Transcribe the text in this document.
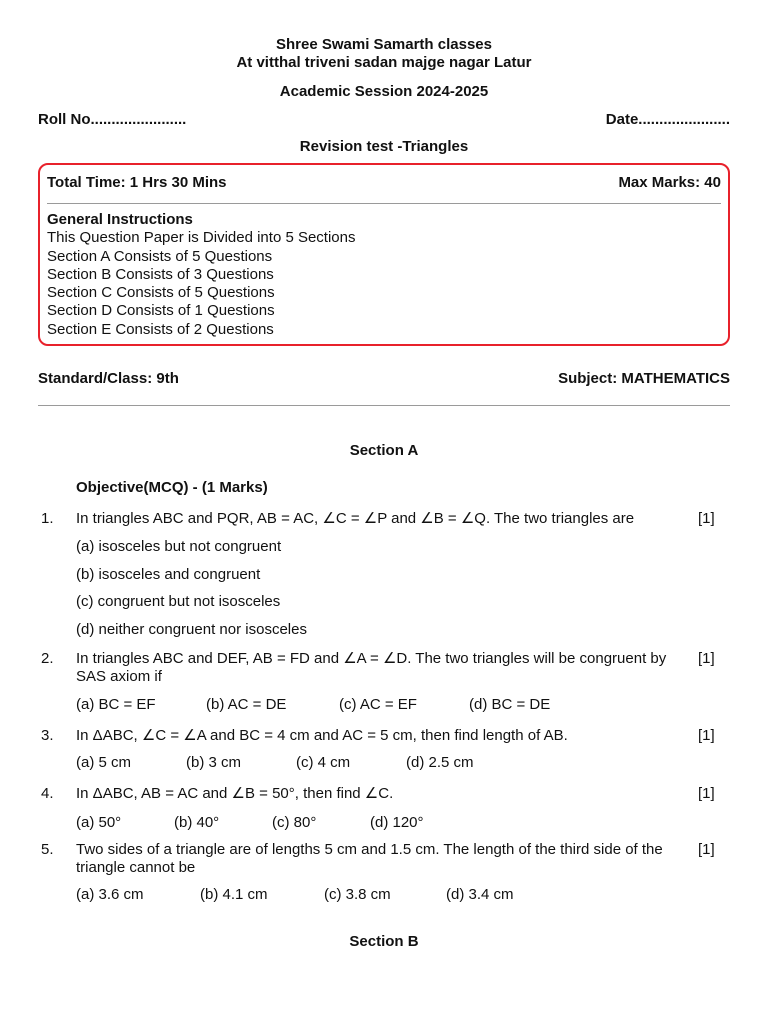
Shree Swami Samarth classes
At vitthal triveni sadan majge nagar Latur
Academic Session 2024-2025
Roll No.......................	Date......................
Revision test -Triangles
Total Time: 1 Hrs 30 Mins	Max Marks: 40
General Instructions
This Question Paper is Divided into 5 Sections
Section A Consists of 5 Questions
Section B Consists of 3 Questions
Section C Consists of 5 Questions
Section D Consists of 1 Questions
Section E Consists of 2 Questions
Standard/Class: 9th	Subject: MATHEMATICS
Section A
Objective(MCQ) - (1 Marks)
1. In triangles ABC and PQR, AB = AC, ∠C = ∠P and ∠B = ∠Q. The two triangles are	[1]
(a) isosceles but not congruent
(b) isosceles and congruent
(c) congruent but not isosceles
(d) neither congruent nor isosceles
2. In triangles ABC and DEF, AB = FD and ∠A = ∠D. The two triangles will be congruent by SAS axiom if
[1]
(a) BC = EF	(b) AC = DE	(c) AC = EF	(d) BC = DE
3. In ΔABC, ∠C = ∠A and BC = 4 cm and AC = 5 cm, then find length of AB.	[1]
(a) 5 cm	(b) 3 cm	(c) 4 cm	(d) 2.5 cm
4. In ΔABC, AB = AC and ∠B = 50°, then find ∠C.	[1]
(a) 50°	(b) 40°	(c) 80°	(d) 120°
5. Two sides of a triangle are of lengths 5 cm and 1.5 cm. The length of the third side of the triangle cannot be
[1]
(a) 3.6 cm	(b) 4.1 cm	(c) 3.8 cm	(d) 3.4 cm
Section B
